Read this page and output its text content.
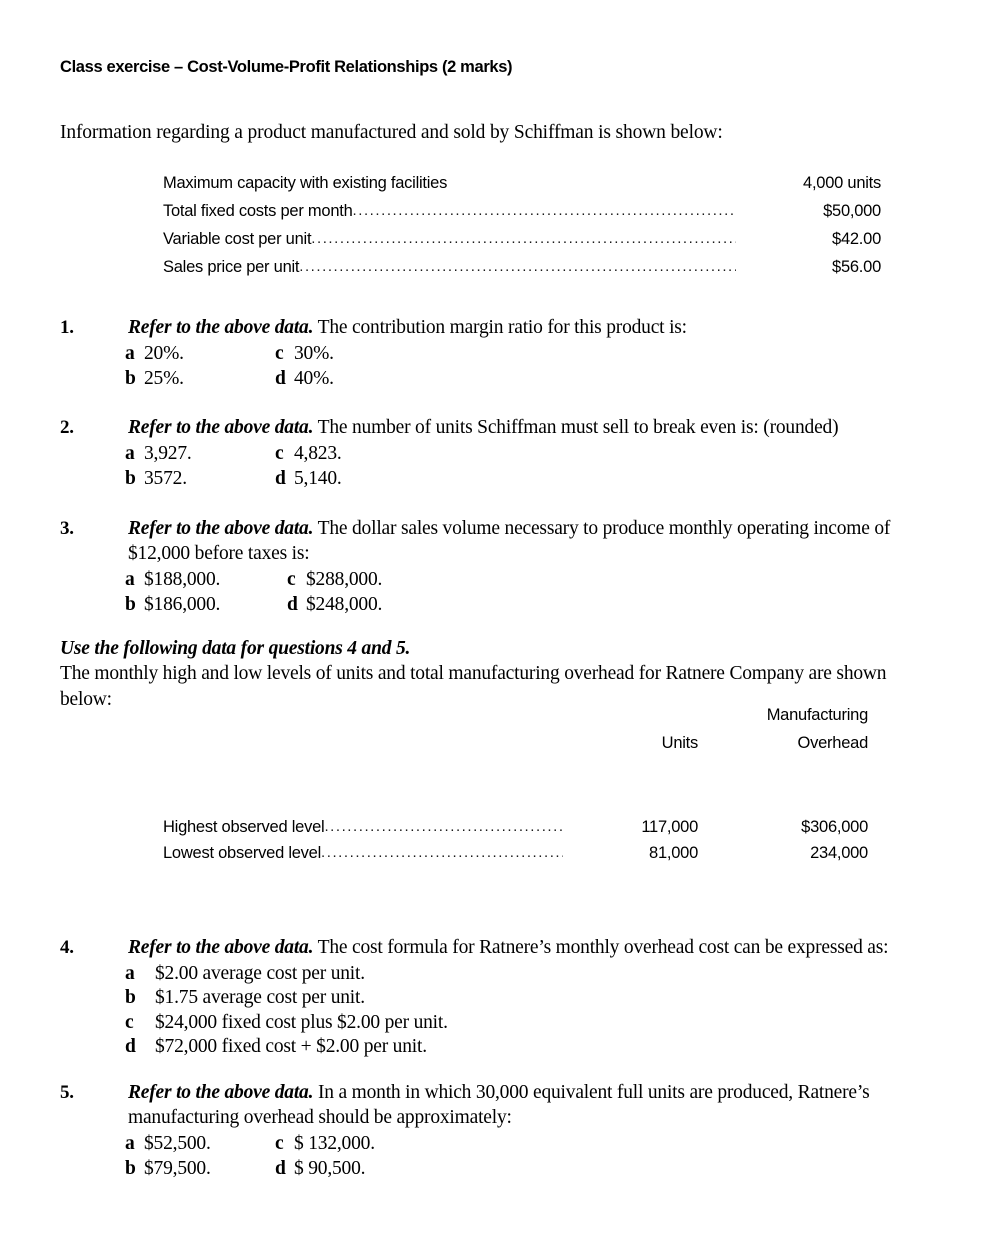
Class exercise – Cost-Volume-Profit Relationships (2 marks)
Information regarding a product manufactured and sold by Schiffman is shown below:
Maximum capacity with existing facilities	4,000 units
Total fixed costs per month .....	$50,000
Variable cost per unit .....	$42.00
Sales price per unit .....	$56.00
1.	Refer to the above data. The contribution margin ratio for this product is:
a 20%.	c 30%.
b 25%.	d 40%.
2.	Refer to the above data. The number of units Schiffman must sell to break even is: (rounded)
a 3,927.	c 4,823.
b 3572.	d 5,140.
3.	Refer to the above data. The dollar sales volume necessary to produce monthly operating income of
$12,000 before taxes is:
a $188,000.	c $288,000.
b $186,000.	d $248,000.
Use the following data for questions 4 and 5.
The monthly high and low levels of units and total manufacturing overhead for Ratnere Company are shown
below:
Manufacturing
Units	Overhead
Highest observed level .....	117,000	$306,000
Lowest observed level .....	81,000	234,000
4.	Refer to the above data. The cost formula for Ratnere’s monthly overhead cost can be expressed as:
a	$2.00 average cost per unit.
b $1.75 average cost per unit.
c	$24,000 fixed cost plus $2.00 per unit.
d $72,000 fixed cost + $2.00 per unit.
5.	Refer to the above data. In a month in which 30,000 equivalent full units are produced, Ratnere’s
manufacturing overhead should be approximately:
a $52,500.	c $ 132,000.
b $79,500.	d $ 90,500.
